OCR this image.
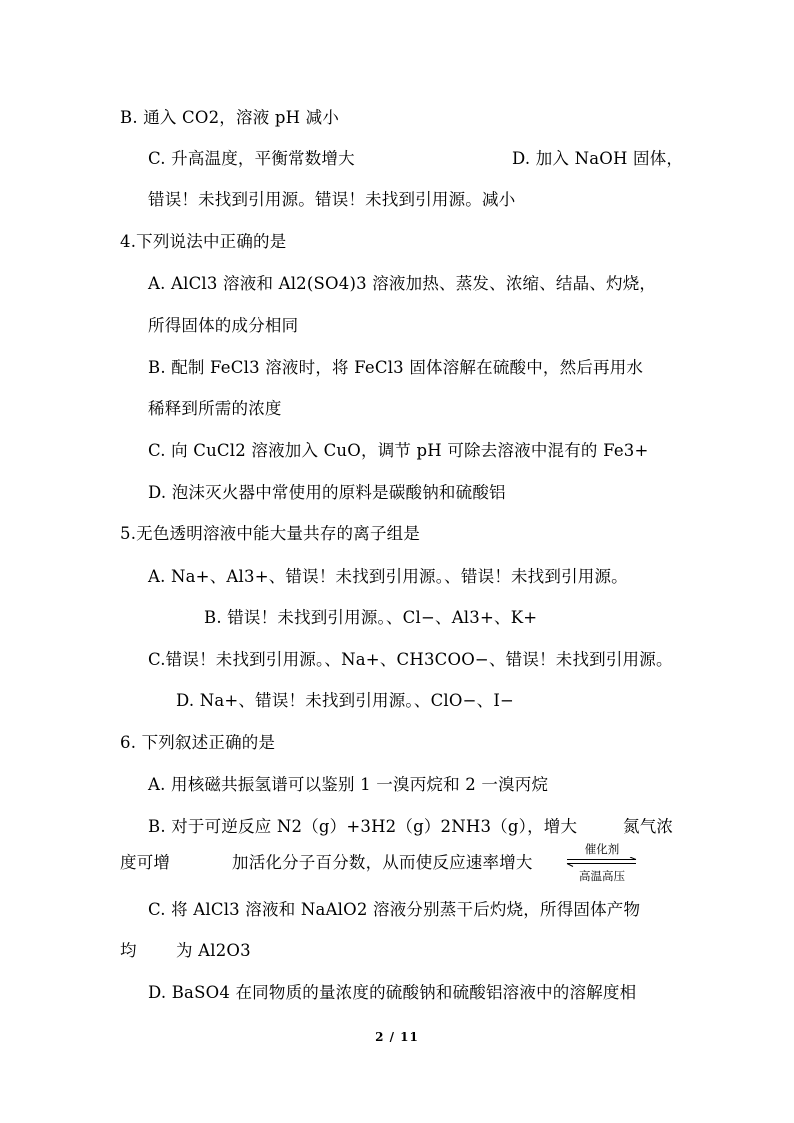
B. 通入 CO2，溶液 pH 减小
C. 升高温度，平衡常数增大	D. 加入 NaOH 固体，
错误！未找到引用源。错误！未找到引用源。减小
4.下列说法中正确的是
A. AlCl3 溶液和 Al2(SO4)3 溶液加热、蒸发、浓缩、结晶、灼烧，
所得固体的成分相同
B. 配制 FeCl3 溶液时，将 FeCl3 固体溶解在硫酸中，然后再用水
稀释到所需的浓度
C. 向 CuCl2 溶液加入 CuO，调节 pH 可除去溶液中混有的 Fe3+
D. 泡沫灭火器中常使用的原料是碳酸钠和硫酸铝
5.无色透明溶液中能大量共存的离子组是
A. Na+、Al3+、错误！未找到引用源。、错误！未找到引用源。
B. 错误！未找到引用源。、Cl−、Al3+、K+
C.错误！未找到引用源。、Na+、CH3COO−、错误！未找到引用源。
D. Na+、错误！未找到引用源。、ClO−、I−
6. 下列叙述正确的是
A. 用核磁共振氢谱可以鉴别 1 一溴丙烷和 2 一溴丙烷
B. 对于可逆反应 N2（g）+3H2（g）2NH3（g），增大	氮气浓
度可增	加活化分子百分数，从而使反应速率增大
催化剂
高温高压
C. 将 AlCl3 溶液和 NaAlO2 溶液分别蒸干后灼烧，所得固体产物
均 为 Al2O3
D. BaSO4 在同物质的量浓度的硫酸钠和硫酸铝溶液中的溶解度相
2 / 11
